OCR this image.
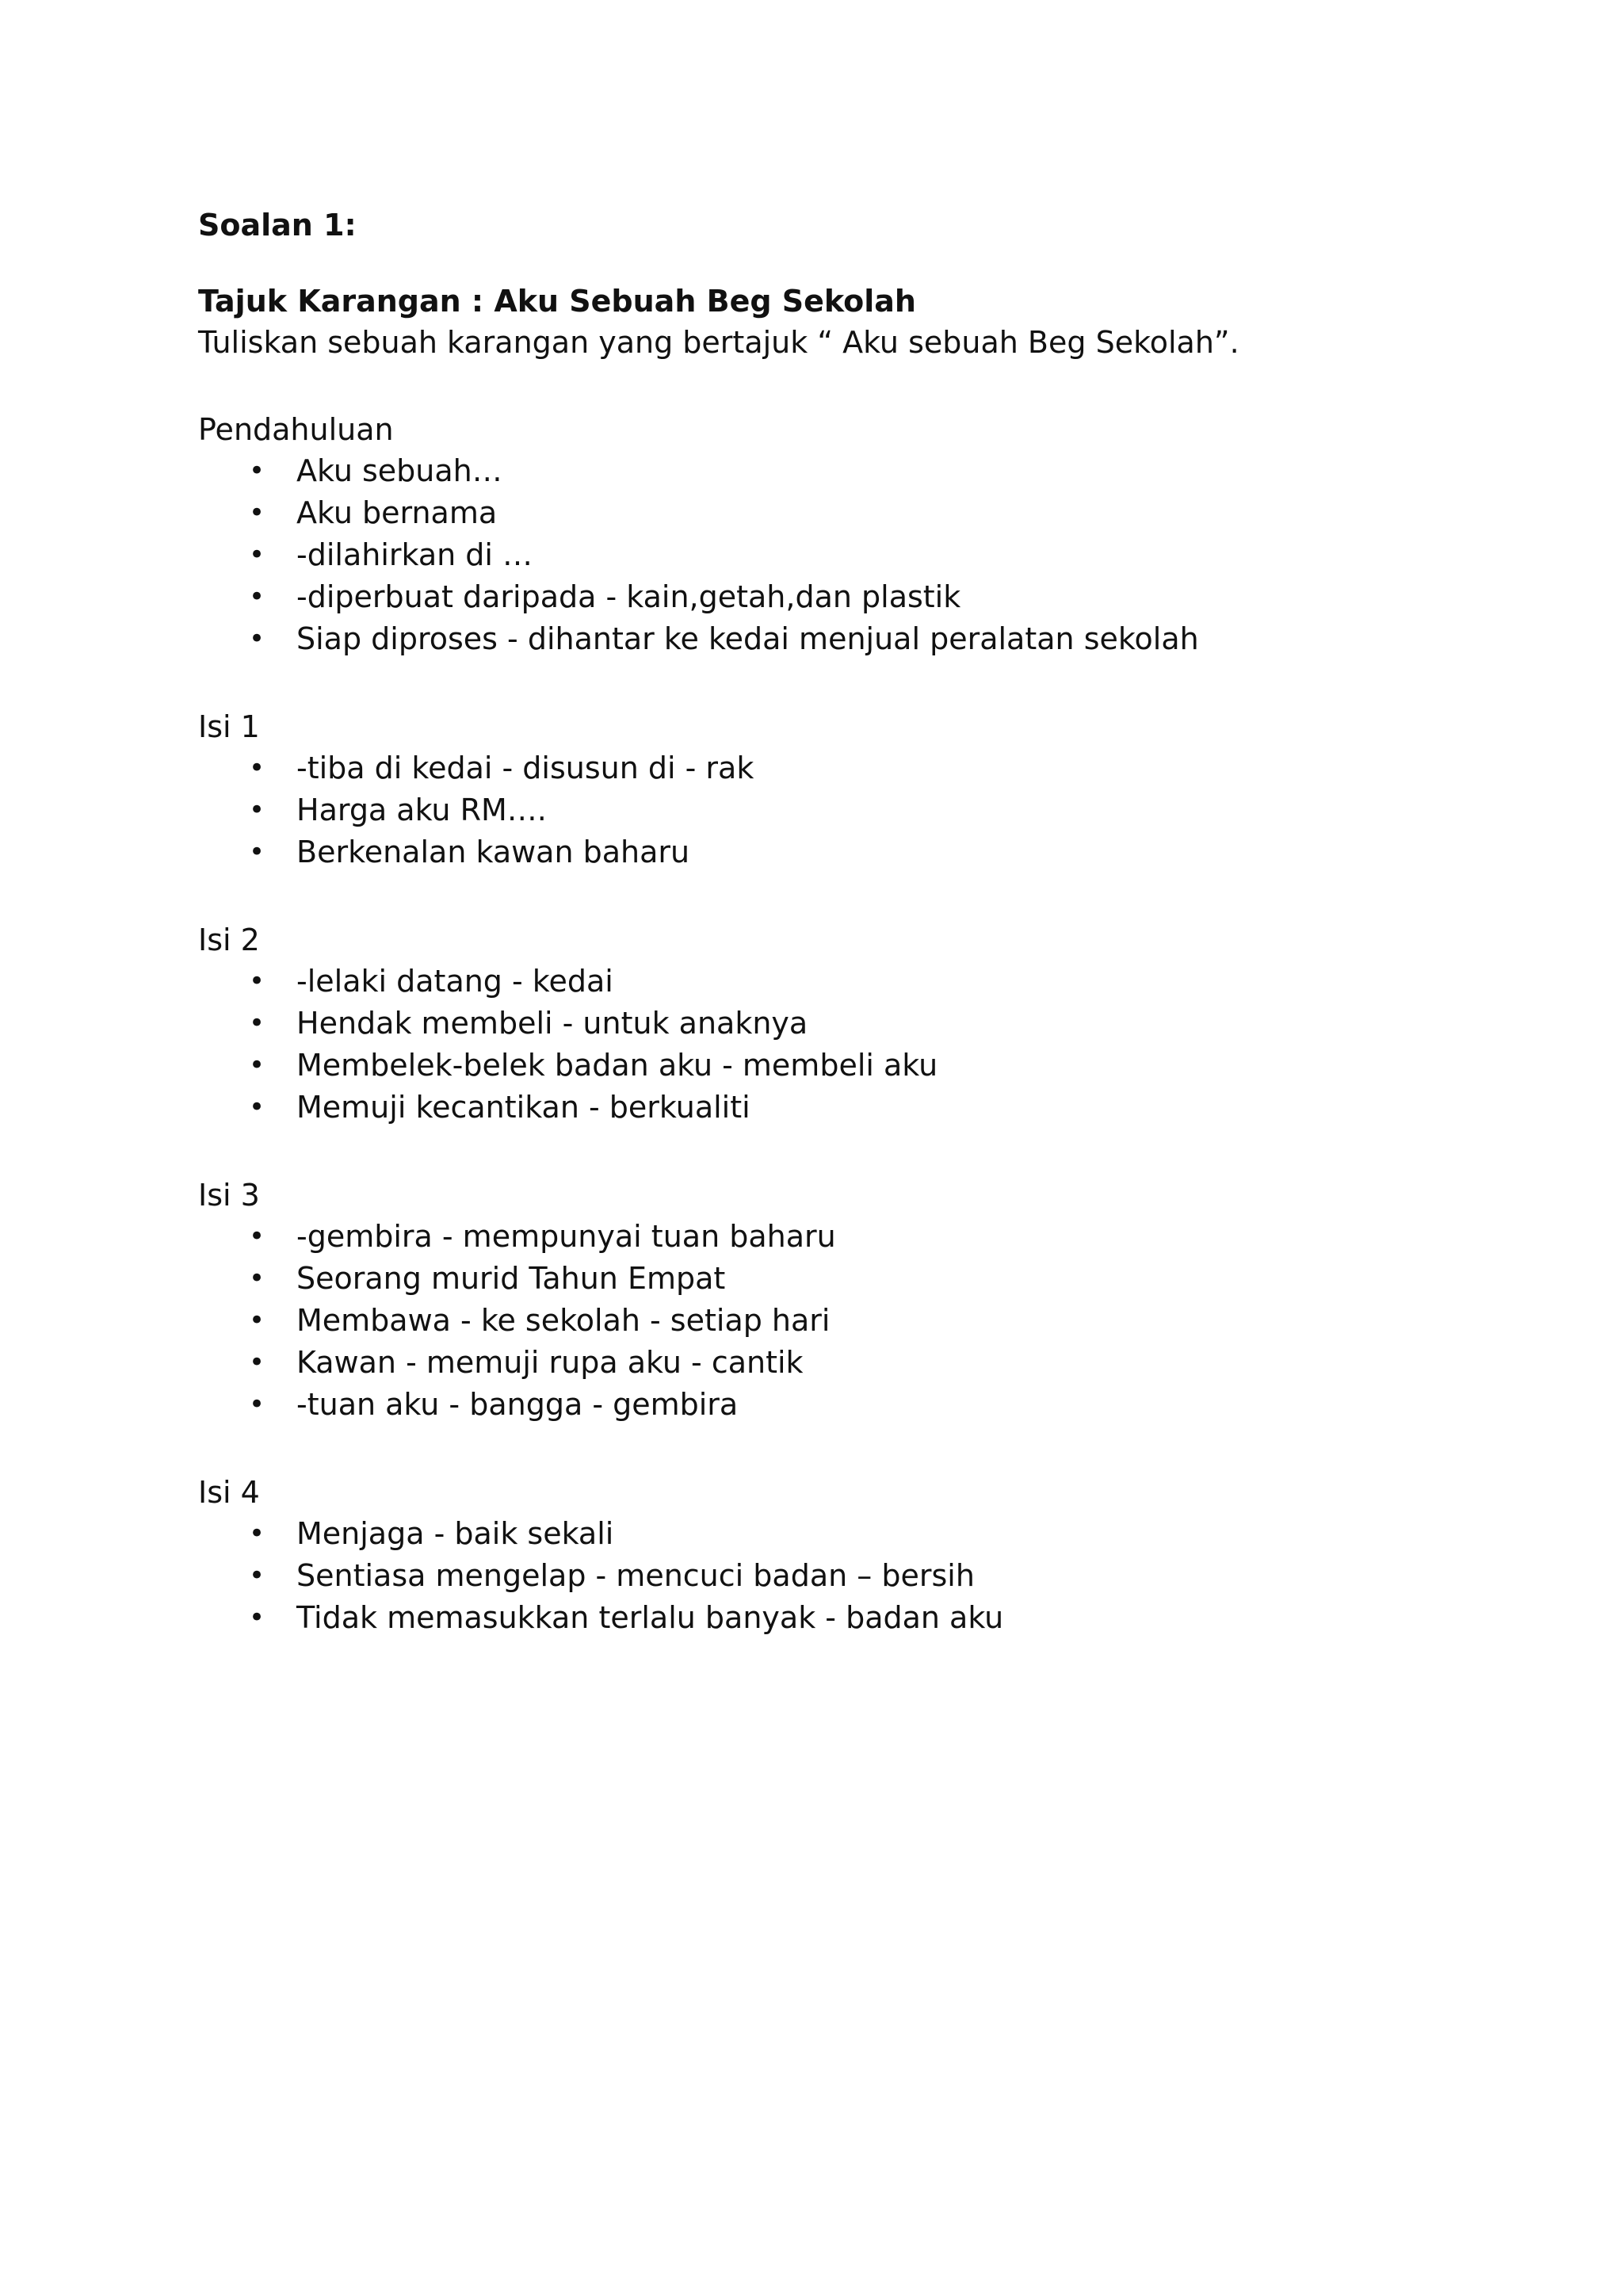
Soalan 1:

Tajuk Karangan : Aku Sebuah Beg Sekolah

Tuliskan sebuah karangan yang bertajuk “ Aku sebuah Beg Sekolah”.

Pendahuluan

• Aku sebuah…
• Aku bernama
• -dilahirkan di …
• -diperbuat daripada - kain,getah,dan plastik
• Siap diproses - dihantar ke kedai menjual peralatan sekolah

Isi 1

• -tiba di kedai - disusun di - rak
• Harga aku RM….
• Berkenalan kawan baharu

Isi 2

• -lelaki datang - kedai
• Hendak membeli - untuk anaknya
• Membelek-belek badan aku - membeli aku
• Memuji kecantikan - berkualiti

Isi 3

• -gembira - mempunyai tuan baharu
• Seorang murid Tahun Empat
• Membawa - ke sekolah - setiap hari
• Kawan - memuji rupa aku - cantik
• -tuan aku - bangga - gembira

Isi 4

• Menjaga - baik sekali
• Sentiasa mengelap - mencuci badan – bersih
• Tidak memasukkan terlalu banyak - badan aku
